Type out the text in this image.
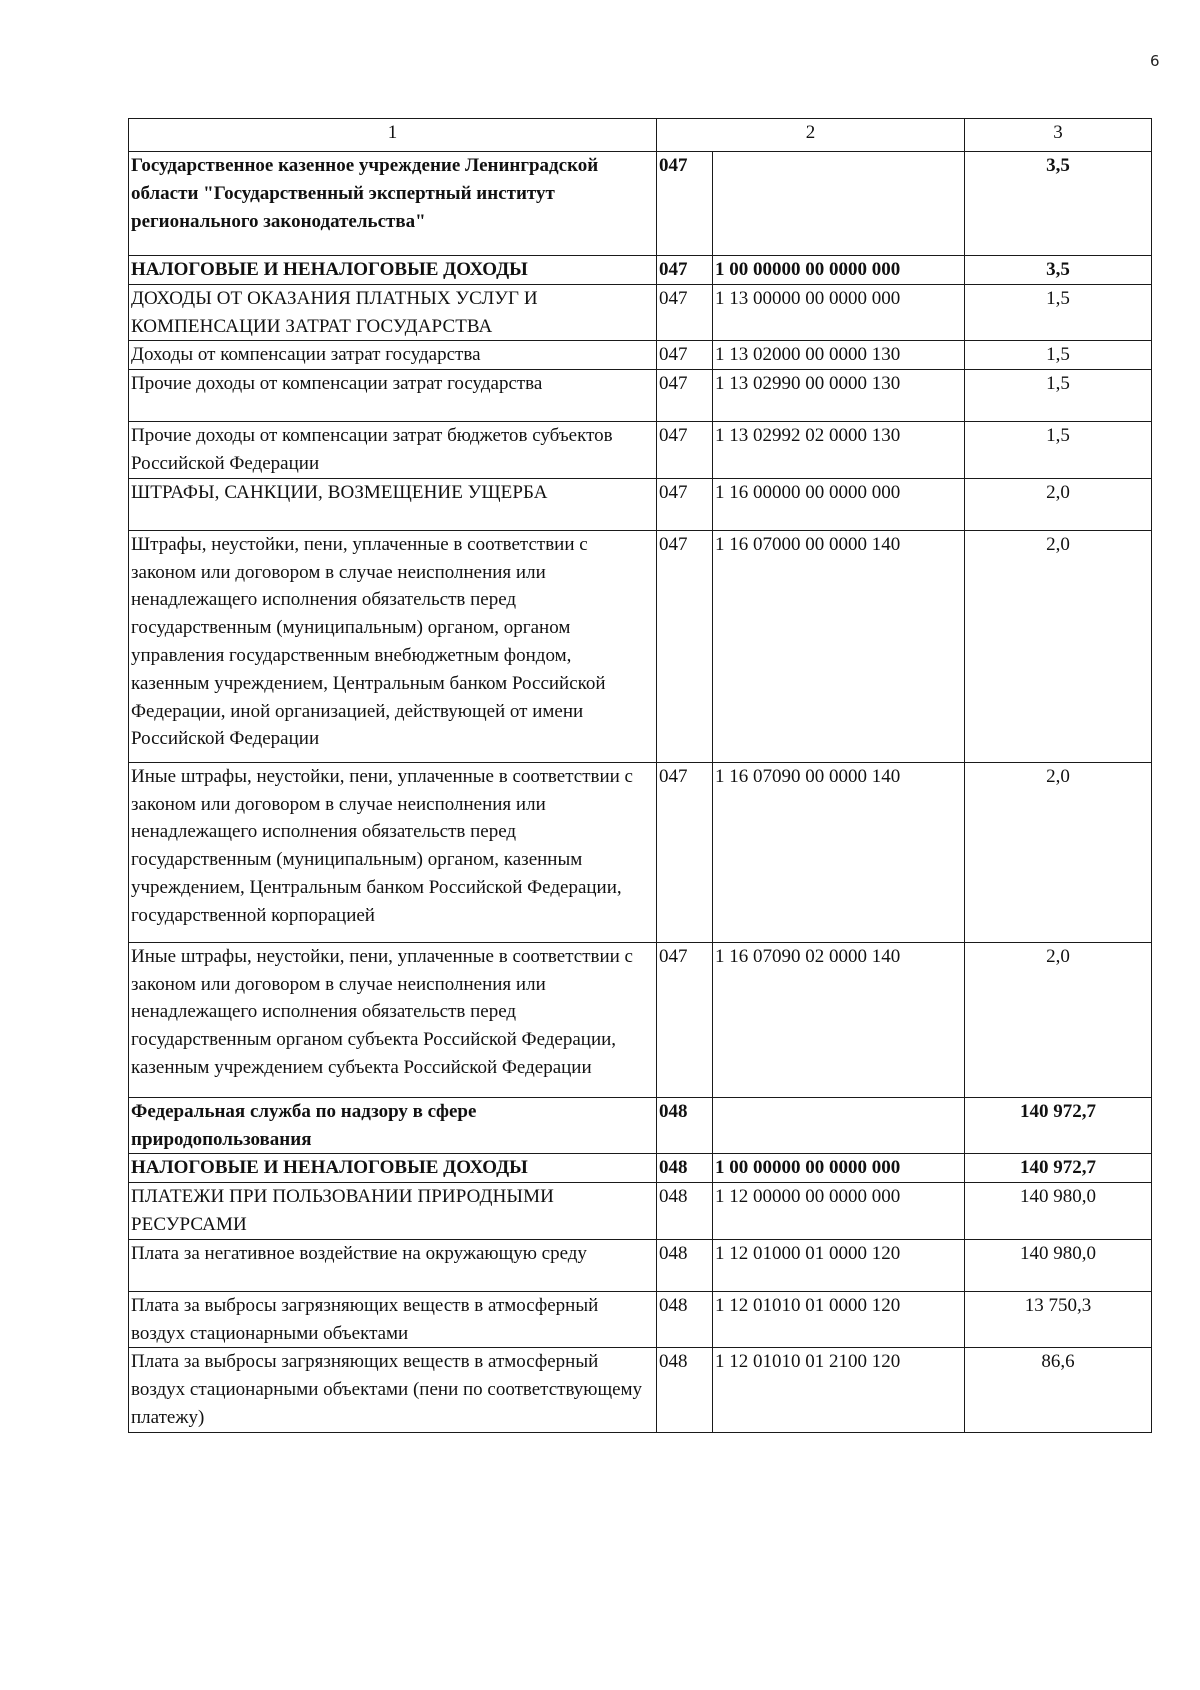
6
1	2		3
Государственное казенное учреждение Ленинградской области "Государственный экспертный институт регионального законодательства"	047		3,5
НАЛОГОВЫЕ И НЕНАЛОГОВЫЕ ДОХОДЫ	047	1 00 00000 00 0000 000	3,5
ДОХОДЫ ОТ ОКАЗАНИЯ ПЛАТНЫХ УСЛУГ И КОМПЕНСАЦИИ ЗАТРАТ ГОСУДАРСТВА	047	1 13 00000 00 0000 000	1,5
Доходы от компенсации затрат государства	047	1 13 02000 00 0000 130	1,5
Прочие доходы от компенсации затрат государства	047	1 13 02990 00 0000 130	1,5
Прочие доходы от компенсации затрат бюджетов субъектов Российской Федерации	047	1 13 02992 02 0000 130	1,5
ШТРАФЫ, САНКЦИИ, ВОЗМЕЩЕНИЕ УЩЕРБА	047	1 16 00000 00 0000 000	2,0
Штрафы, неустойки, пени, уплаченные в соответствии с законом или договором в случае неисполнения или ненадлежащего исполнения обязательств перед государственным (муниципальным) органом, органом управления государственным внебюджетным фондом, казенным учреждением, Центральным банком Российской Федерации, иной организацией, действующей от имени Российской Федерации	047	1 16 07000 00 0000 140	2,0
Иные штрафы, неустойки, пени, уплаченные в соответствии с законом или договором в случае неисполнения или ненадлежащего исполнения обязательств перед государственным (муниципальным) органом, казенным учреждением, Центральным банком Российской Федерации, государственной корпорацией	047	1 16 07090 00 0000 140	2,0
Иные штрафы, неустойки, пени, уплаченные в соответствии с законом или договором в случае неисполнения или ненадлежащего исполнения обязательств перед государственным органом субъекта Российской Федерации, казенным учреждением субъекта Российской Федерации	047	1 16 07090 02 0000 140	2,0
Федеральная служба по надзору в сфере природопользования	048		140 972,7
НАЛОГОВЫЕ И НЕНАЛОГОВЫЕ ДОХОДЫ	048	1 00 00000 00 0000 000	140 972,7
ПЛАТЕЖИ ПРИ ПОЛЬЗОВАНИИ ПРИРОДНЫМИ РЕСУРСАМИ	048	1 12 00000 00 0000 000	140 980,0
Плата за негативное воздействие на окружающую среду	048	1 12 01000 01 0000 120	140 980,0
Плата за выбросы загрязняющих веществ в атмосферный воздух стационарными объектами	048	1 12 01010 01 0000 120	13 750,3
Плата за выбросы загрязняющих веществ в атмосферный воздух стационарными объектами (пени по соответствующему платежу)	048	1 12 01010 01 2100 120	86,6
